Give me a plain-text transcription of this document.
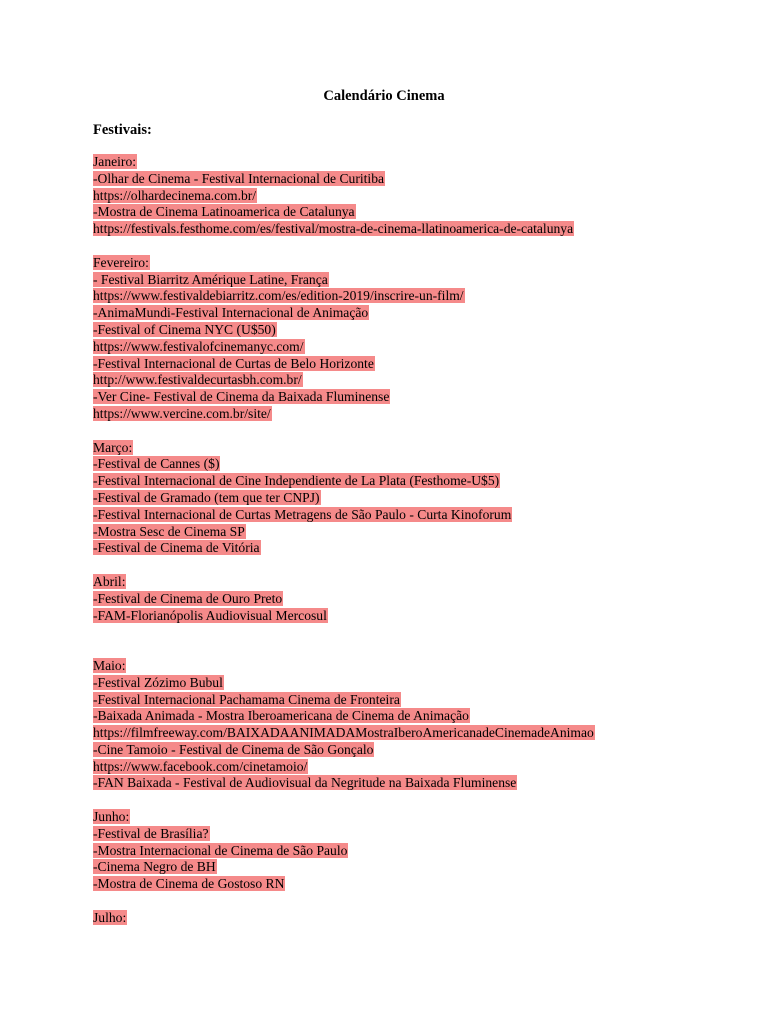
Calendário Cinema
Festivais:
Janeiro:
-Olhar de Cinema - Festival Internacional de Curitiba
https://olhardecinema.com.br/
-Mostra de Cinema Latinoamerica de Catalunya
https://festivals.festhome.com/es/festival/mostra-de-cinema-llatinoamerica-de-catalunya
Fevereiro:
- Festival Biarritz Amérique Latine, França
https://www.festivaldebiarritz.com/es/edition-2019/inscrire-un-film/
-AnimaMundi-Festival Internacional de Animação
-Festival of Cinema NYC (U$50)
https://www.festivalofcinemanyc.com/
-Festival Internacional de Curtas de Belo Horizonte
http://www.festivaldecurtasbh.com.br/
-Ver Cine- Festival de Cinema da Baixada Fluminense
https://www.vercine.com.br/site/
Março:
-Festival de Cannes ($)
-Festival Internacional de Cine Independiente de La Plata (Festhome-U$5)
-Festival de Gramado (tem que ter CNPJ)
-Festival Internacional de Curtas Metragens de São Paulo - Curta Kinoforum
-Mostra Sesc de Cinema SP
-Festival de Cinema de Vitória
Abril:
-Festival de Cinema de Ouro Preto
-FAM-Florianópolis Audiovisual Mercosul
Maio:
-Festival Zózimo Bubul
-Festival Internacional Pachamama Cinema de Fronteira
-Baixada Animada - Mostra Iberoamericana de Cinema de Animação
https://filmfreeway.com/BAIXADAANIMADAMostraIberoAmericanadeCinemadeAnimao
-Cine Tamoio - Festival de Cinema de São Gonçalo
https://www.facebook.com/cinetamoio/
-FAN Baixada - Festival de Audiovisual da Negritude na Baixada Fluminense
Junho:
-Festival de Brasília?
-Mostra Internacional de Cinema de São Paulo
-Cinema Negro de BH
-Mostra de Cinema de Gostoso RN
Julho:
